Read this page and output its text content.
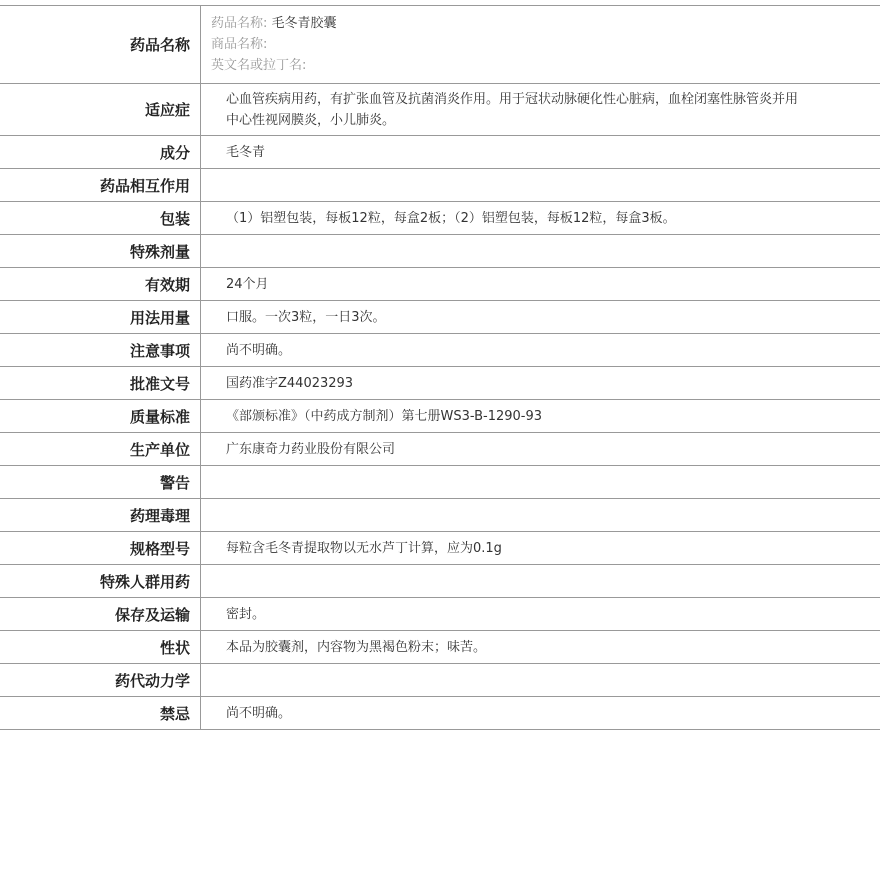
药品名称	药品名称: 毛冬青胶囊
商品名称:
英文名或拉丁名:

适应症	心血管疾病用药，有扩张血管及抗菌消炎作用。用于冠状动脉硬化性心脏病，血栓闭塞性脉管炎并用中心性视网膜炎，小儿肺炎。
成分	毛冬青
药品相互作用	
包装	（1）铝塑包装，每板12粒，每盒2板；（2）铝塑包装，每板12粒，每盒3板。
特殊剂量	
有效期	24个月
用法用量	口服。一次3粒，一日3次。
注意事项	尚不明确。
批准文号	国药准字Z44023293
质量标准	《部颁标准》（中药成方制剂）第七册WS3-B-1290-93
生产单位	广东康奇力药业股份有限公司
警告	
药理毒理	
规格型号	每粒含毛冬青提取物以无水芦丁计算，应为0.1g
特殊人群用药	
保存及运输	密封。
性状	本品为胶囊剂，内容物为黑褐色粉末；味苦。
药代动力学	
禁忌	尚不明确。
